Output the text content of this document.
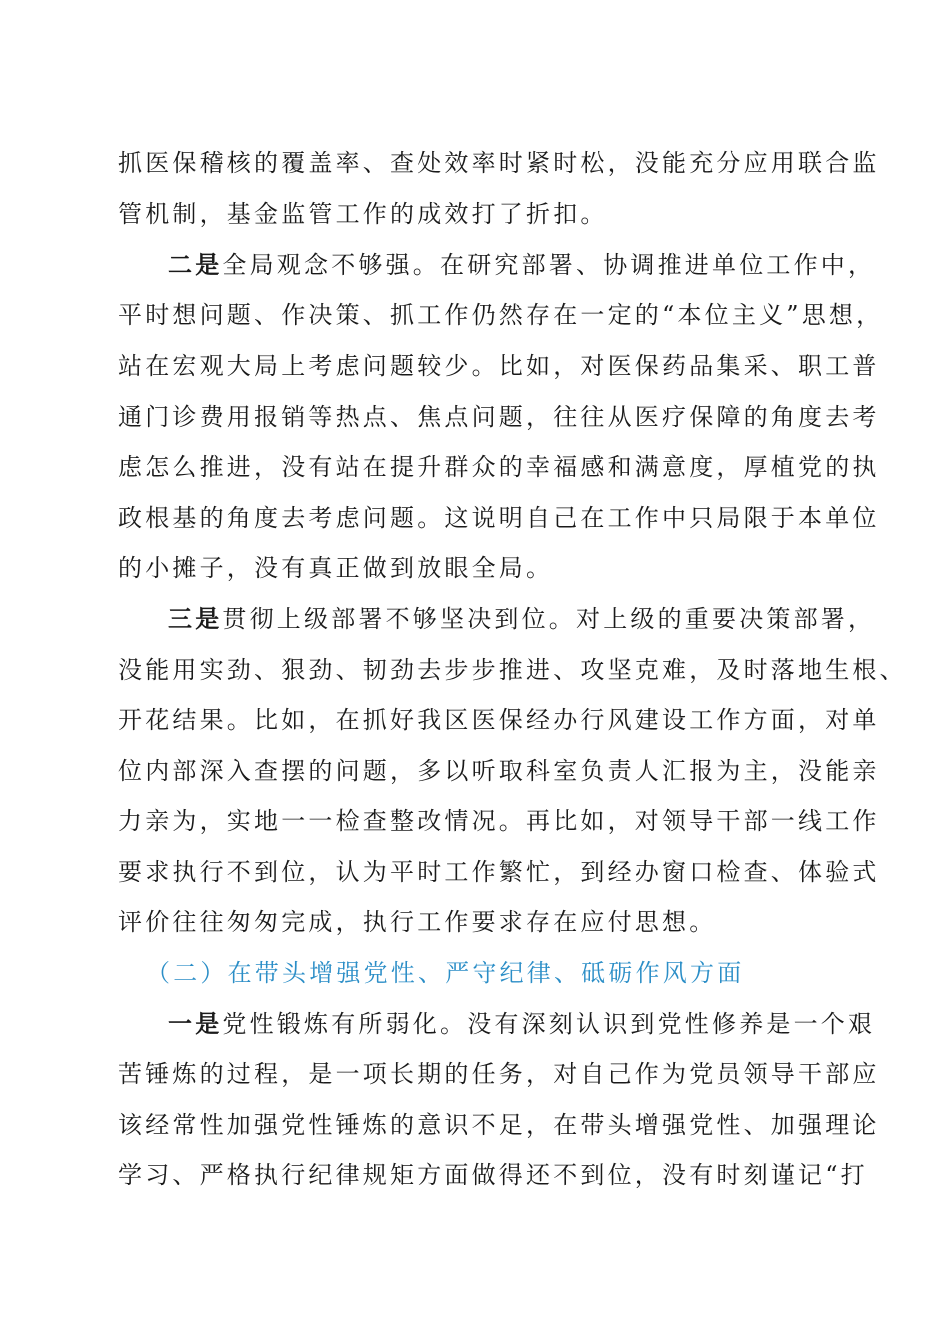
抓医保稽核的覆盖率、查处效率时紧时松，没能充分应用联合监
管机制，基金监管工作的成效打了折扣。
二是全局观念不够强。在研究部署、协调推进单位工作中，
平时想问题、作决策、抓工作仍然存在一定的“本位主义”思想，
站在宏观大局上考虑问题较少。比如，对医保药品集采、职工普
通门诊费用报销等热点、焦点问题，往往从医疗保障的角度去考
虑怎么推进，没有站在提升群众的幸福感和满意度，厚植党的执
政根基的角度去考虑问题。这说明自己在工作中只局限于本单位
的小摊子，没有真正做到放眼全局。
三是贯彻上级部署不够坚决到位。对上级的重要决策部署，
没能用实劲、狠劲、韧劲去步步推进、攻坚克难，及时落地生根、
开花结果。比如，在抓好我区医保经办行风建设工作方面，对单
位内部深入查摆的问题，多以听取科室负责人汇报为主，没能亲
力亲为，实地一一检查整改情况。再比如，对领导干部一线工作
要求执行不到位，认为平时工作繁忙，到经办窗口检查、体验式
评价往往匆匆完成，执行工作要求存在应付思想。
（二）在带头增强党性、严守纪律、砥砺作风方面
一是党性锻炼有所弱化。没有深刻认识到党性修养是一个艰
苦锤炼的过程，是一项长期的任务，对自己作为党员领导干部应
该经常性加强党性锤炼的意识不足，在带头增强党性、加强理论
学习、严格执行纪律规矩方面做得还不到位，没有时刻谨记“打
